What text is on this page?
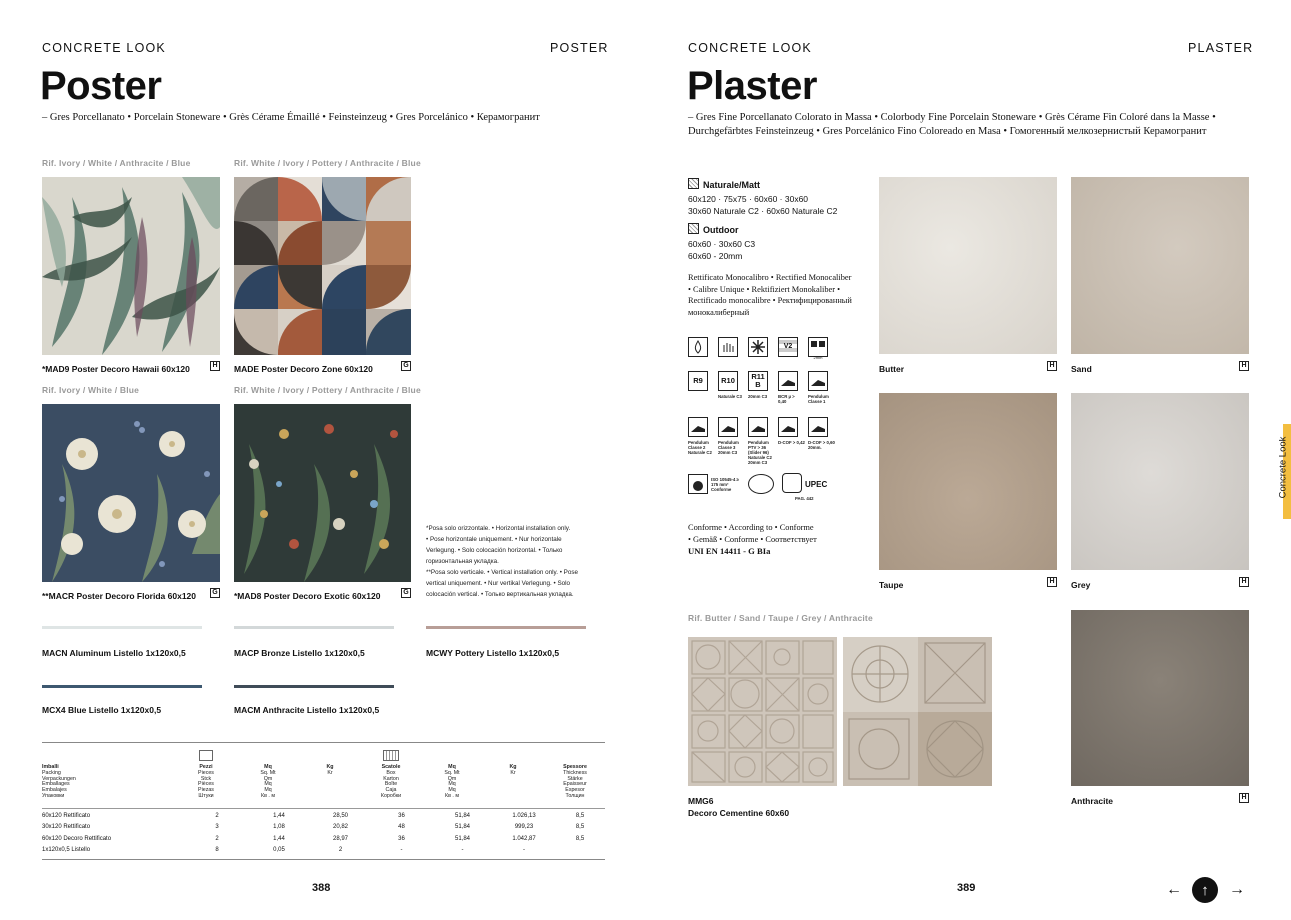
CONCRETE LOOK	POSTER
Poster
– Gres Porcellanato • Porcelain Stoneware • Grès Cérame Émaillé • Feinsteinzeug • Gres Porcelánico • Керамогранит
Rif. Ivory / White / Anthracite / Blue	Rif. White / Ivory / Pottery / Anthracite / Blue
Rif. Ivory / White / Blue	Rif. White / Ivory / Pottery / Anthracite / Blue
*MAD9 Poster Decoro Hawaii 60x120	H MADE Poster Decoro Zone 60x120	G
**MACR Poster Decoro Florida 60x120	G *MAD8 Poster Decoro Exotic 60x120	G
*Posa solo orizzontale. • Horizontal installation only.
• Pose horizontale uniquement. • Nur horizontale
Verlegung. • Solo colocación horizontal. • Только
горизонтальная укладка.
**Posa solo verticale. • Vertical installation only. • Pose
vertical uniquement. • Nur vertikal Verlegung. • Solo
colocación vertical. • Только вертикальная укладка.
MACN Aluminum Listello 1x120x0,5	MACP Bronze Listello 1x120x0,5	MCWY Pottery Listello 1x120x0,5
MCX4 Blue Listello 1x120x0,5	MACM Anthracite Listello 1x120x0,5
Imballi
Packing
Verpackungen
Emballages
Embalajes
Упаковки
Pezzi
Pieces
Stck
Pièces
Piezas
Штуки
Mq
Sq. Mt
Qm
Mq
Mq
Кв . м
Kg
Kr
Scatole
Box
Karton
Boîte
Caja
Коробки
Mq
Sq. Mt
Qm
Mq
Mq
Кв . м
Kg
Kr
Spessore
Thickness
Stärke
Epaisseur
Espesor
Толщин
60x120 Rettificato	2	1,44	28,50	36	51,84	1.026,13	8,5
30x120 Rettificato	3	1,08	20,82	48	51,84	999,23	8,5
60x120 Decoro Rettificato	2	1,44	28,97	36	51,84	1.042,87	8,5
1x120x0,5 Listello	8	0,05	2	-	-	-	
388
CONCRETE LOOK	PLASTER
Plaster
– Gres Fine Porcellanato Colorato in Massa • Colorbody Fine Porcelain Stoneware • Grès Cérame Fin Coloré dans la Masse •
Durchgefärbtes Feinsteinzeug • Gres Porcelánico Fino Coloreado en Masa • Гомогенный мелкозернистый Керамогранит
Naturale/Matt
60x120 · 75x75 · 60x60 · 30x60
30x60 Naturale C2 · 60x60 Naturale C2
Outdoor
60x60 · 30x60 C3
60x60 - 20mm
Rettificato Monocalibro • Rectified Monocaliber
• Calibre Unique • Rektifiziert Monokaliber •
Rectificado monocalibre • Ректифицированный
монокалиберный
V2
2mm
R9 R10	R11 B
Naturale C3 20mm C3	BCR µ > 0,40
Pendulum Classe 1
Pendulum Classe 2 Naturale C2
Pendulum Classe 3 20mm C3
Pendulum PTV > 36 (Slider 96) Naturale C2 20mm C3
D-COF > 0,42 D-COF > 0,60 20mm.
ISO 10545-4 ≥ 175 mm² Conforme
UPEC
PAG. 442
Conforme • According to • Conforme
• Gemäß • Conforme • Соответствует
UNI EN 14411 - G BIa
Butter	H Sand	H
Taupe	H Grey	H
Rif. Butter / Sand / Taupe / Grey / Anthracite
MMG6
Decoro Cementine 60x60
Anthracite	H
Concrete Look
389	← ↑ →
